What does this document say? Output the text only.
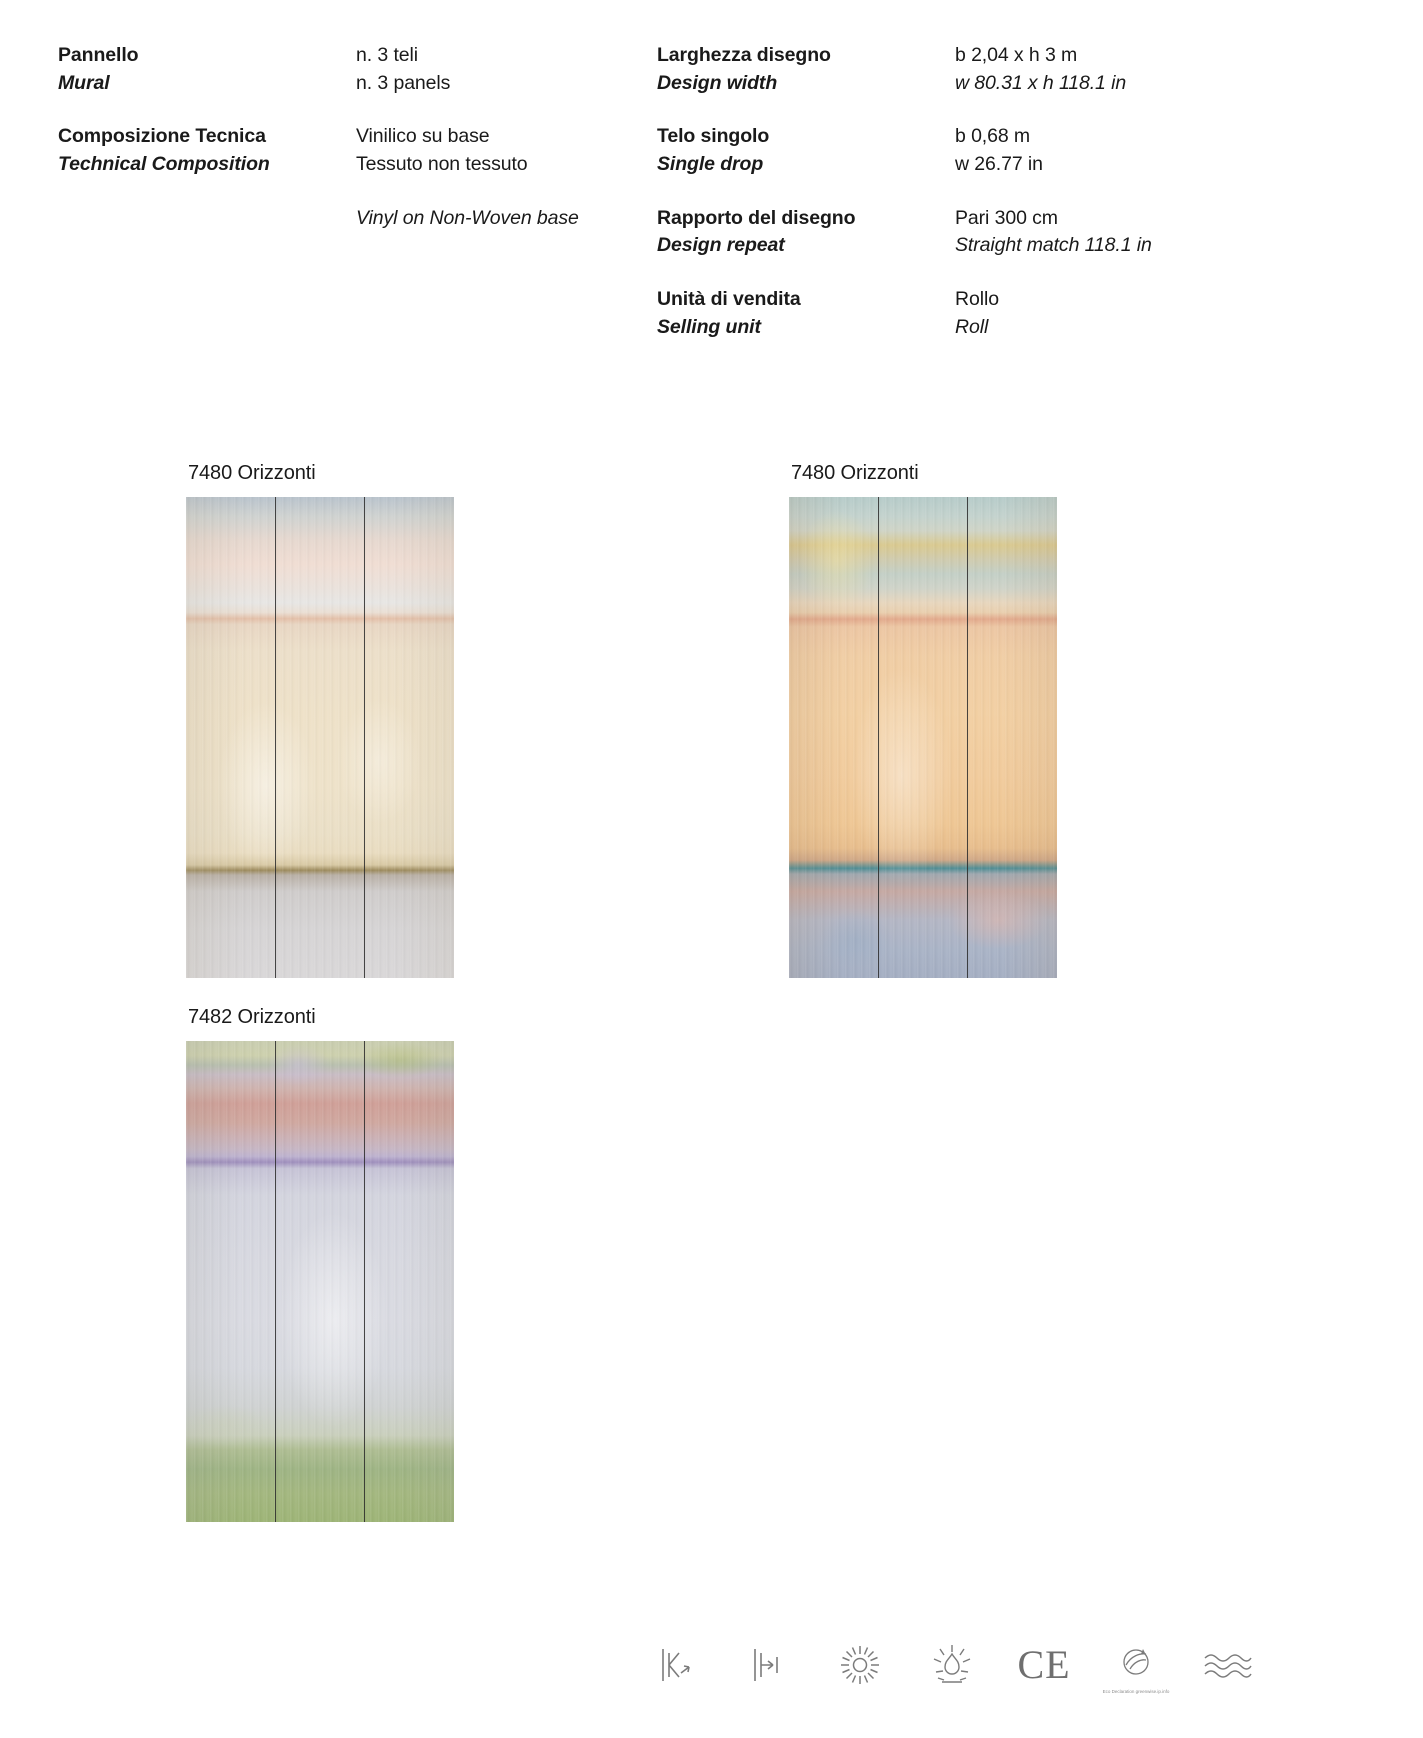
Pannello
Mural
n. 3 teli
n. 3 panels
Composizione Tecnica
Technical Composition
Vinilico su base
Tessuto non tessuto
Vinyl on Non-Woven base
Larghezza disegno
Design width
b 2,04 x h 3 m
w 80.31 x h 118.1 in
Telo singolo
Single drop
b 0,68 m
w 26.77 in
Rapporto del disegno
Design repeat
Pari 300 cm
Straight match 118.1 in
Unità di vendita
Selling unit
Rollo
Roll
7480 Orizzonti	7480 Orizzonti
7482 Orizzonti
CE
Eco Declaration greenwise.ip.info
